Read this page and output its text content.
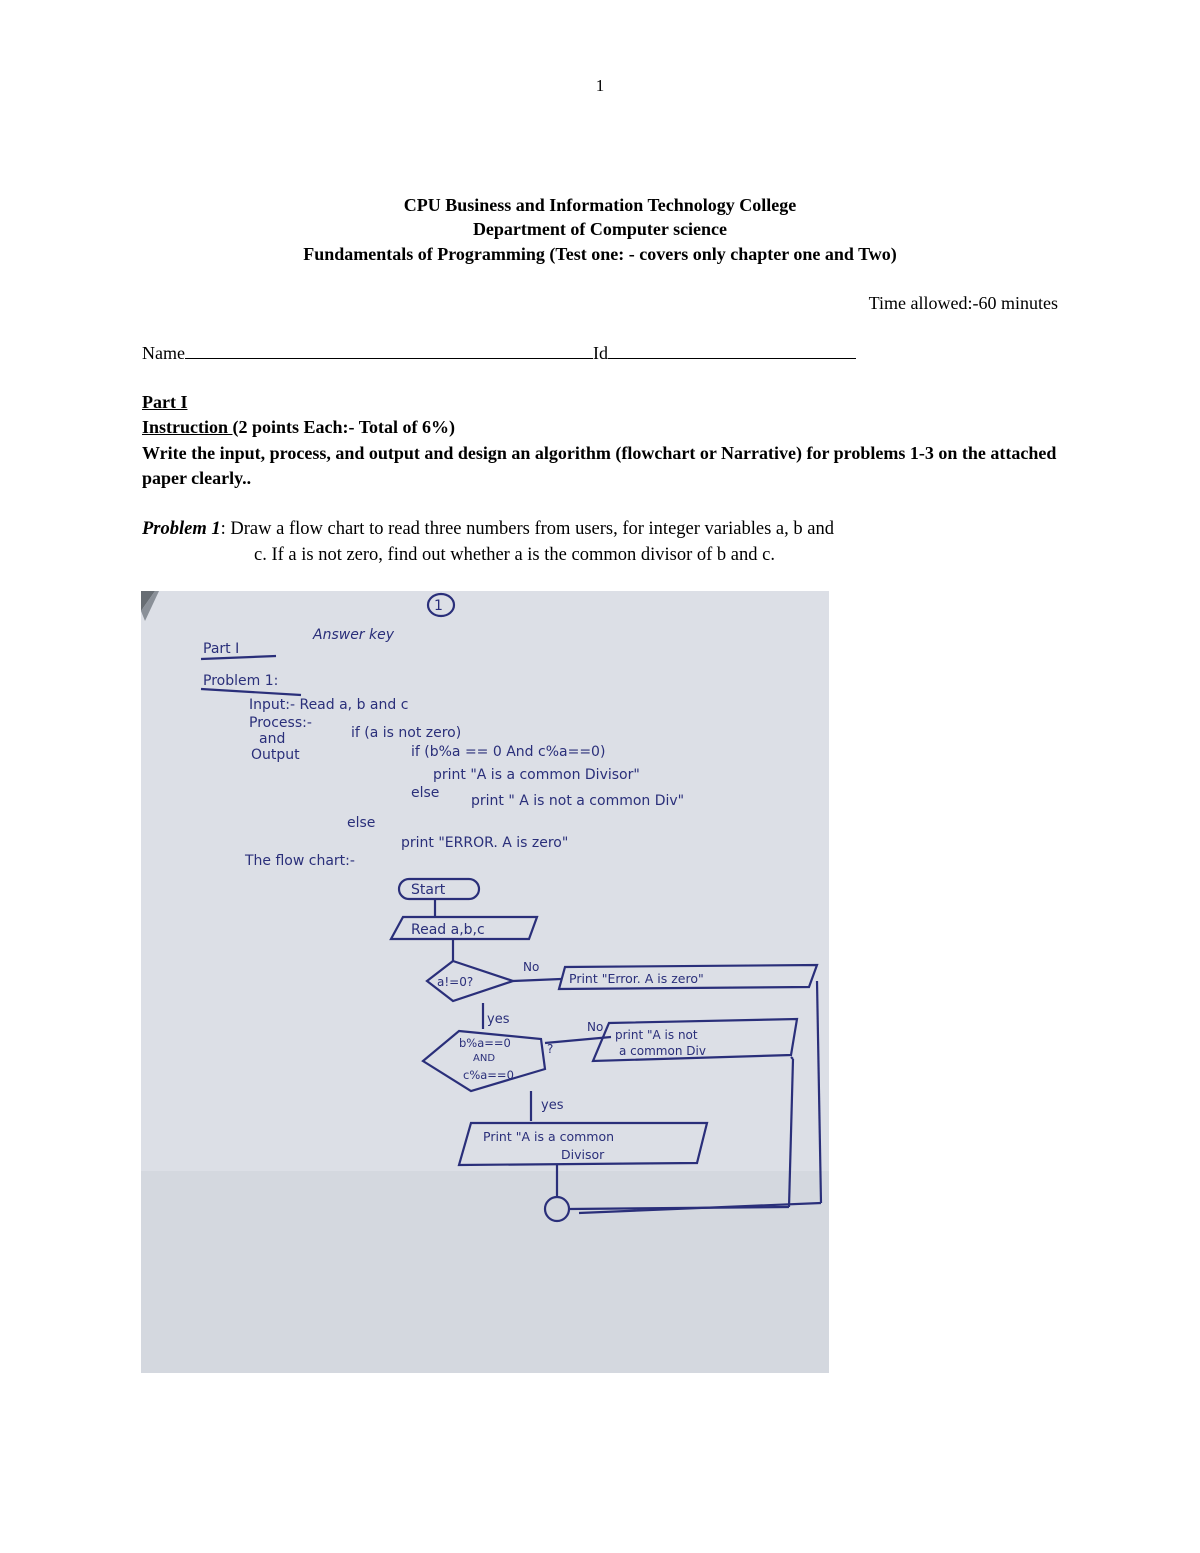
1
CPU Business and Information Technology College
Department of Computer science
Fundamentals of Programming (Test one: - covers only chapter one and Two)
Time allowed:-60 minutes
Name	Id
Part I
Instruction (2 points Each:- Total of 6%)
Write the input, process, and output and design an algorithm (flowchart or Narrative) for problems 1-3 on the attached paper clearly..
Problem 1: Draw a flow chart to read three numbers from users, for integer variables a, b and
c. If a is not zero, find out whether a is the common divisor of b and c.
1
Answer key
Part I
Problem 1:
Input:- Read a, b and c
Process:-
and
Output
if (a is not zero)
if (b%a == 0 And c%a==0)
print "A is a common Divisor"
else print " A is not a common Div"
else
print "ERROR. A is zero"
The flow chart:-
Start
Read a,b,c
a!=0?
No
Print "Error. A is zero"
yes	No
b%a==0
AND
c%a==0
?
print "A is not
a common Div
yes
Print "A is a common
Divisor
